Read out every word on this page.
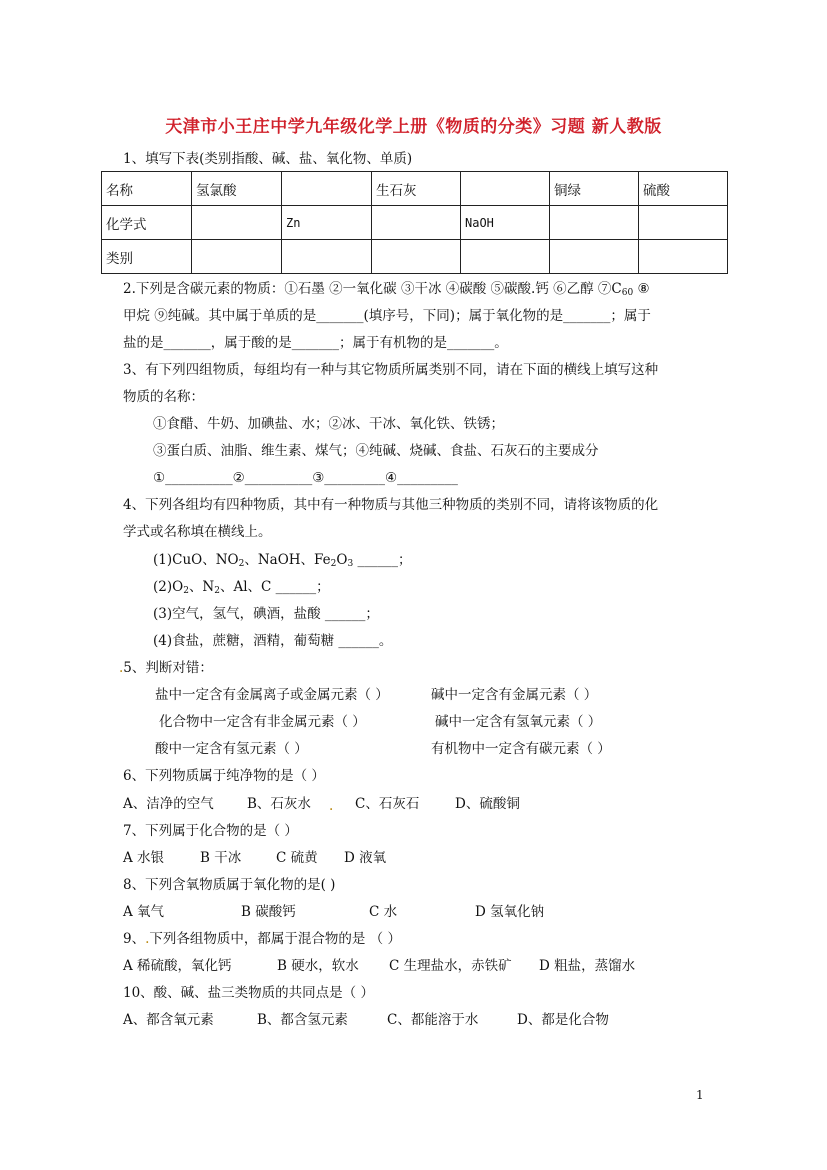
天津市小王庄中学九年级化学上册《物质的分类》习题 新人教版
1、填写下表(类别指酸、碱、盐、氧化物、单质)
名称	氢氯酸		生石灰		铜绿	硫酸
化学式		Zn		NaOH		
类别						
2.下列是含碳元素的物质：①石墨 ②一氧化碳 ③干冰 ④碳酸 ⑤碳酸.钙 ⑥乙醇 $⑦C_{60}$ ⑧
甲烷 ⑨纯碱。其中属于单质的是_______(填序号，下同)；属于氧化物的是_______；属于
盐的是_______，属于酸的是_______；属于有机物的是_______。
3、有下列四组物质，每组均有一种与其它物质所属类别不同，请在下面的横线上填写这种
物质的名称：
①食醋、牛奶、加碘盐、水；②冰、干冰、氧化铁、铁锈；
③蛋白质、油脂、维生素、煤气；④纯碱、烧碱、食盐、石灰石的主要成分
①__________②__________③_________④_________
4、下列各组均有四种物质，其中有一种物质与其他三种物质的类别不同，请将该物质的化
学式或名称填在横线上。
(1)CuO、$NO_2$、NaOH、$Fe_2O_3$ ______；
$(2)O_2$、$N_2$、Al、C ______；
(3)空气，氢气，碘酒，盐酸 ______；
(4)食盐，蔗糖，酒精，葡萄糖 ______。
.5、判断对错：
盐中一定含有金属离子或金属元素（ ）	碱中一定含有金属元素（ ）
化合物中一定含有非金属元素（ ）	碱中一定含有氢氧元素（ ）
酸中一定含有氢元素（ ）	有机物中一定含有碳元素（ ）
6、下列物质属于纯净物的是（ ）
A、洁净的空气 B、石灰水 . C、石灰石	D、硫酸铜
7、下列属于化合物的是（ ）
A 水银	B 干冰	C 硫黄 D 液氧
8、下列含氧物质属于氧化物的是( )
A 氧气	B 碳酸钙	C 水	D 氢氧化钠
9、.下列各组物质中，都属于混合物的是 （ ）
A 稀硫酸，氧化钙	B 硬水，软水 C 生理盐水，赤铁矿 D 粗盐，蒸馏水
10、酸、碱、盐三类物质的共同点是（ ）
A、都含氧元素	B、都含氢元素	C、都能溶于水	D、都是化合物
1
